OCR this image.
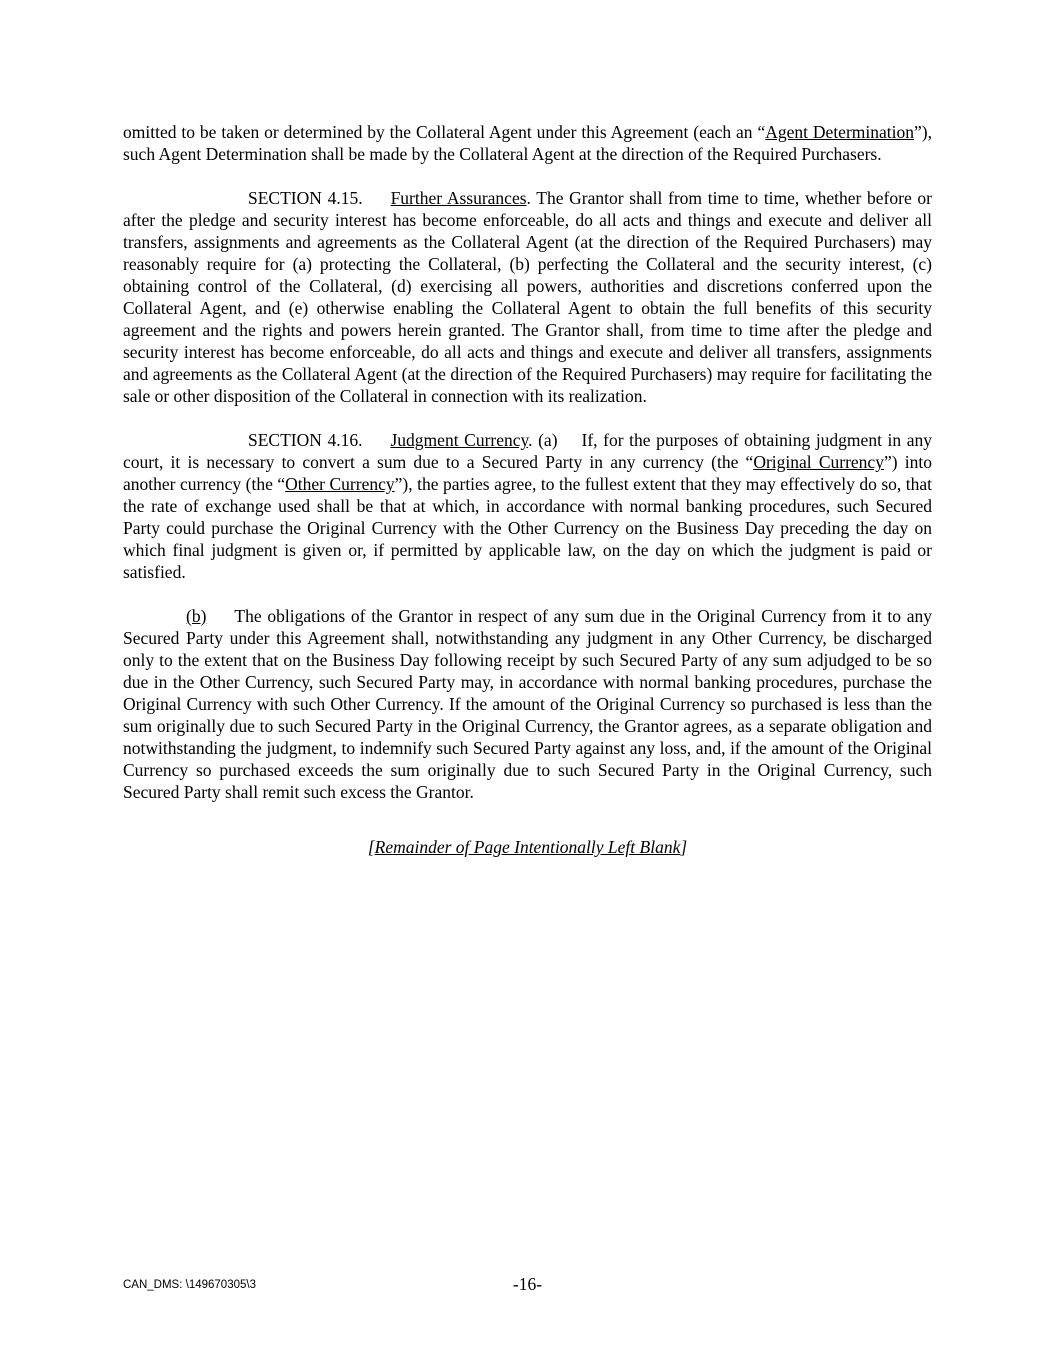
omitted to be taken or determined by the Collateral Agent under this Agreement (each an “Agent Determination”), such Agent Determination shall be made by the Collateral Agent at the direction of the Required Purchasers.

SECTION 4.15. Further Assurances. The Grantor shall from time to time, whether before or after the pledge and security interest has become enforceable, do all acts and things and execute and deliver all transfers, assignments and agreements as the Collateral Agent (at the direction of the Required Purchasers) may reasonably require for (a) protecting the Collateral, (b) perfecting the Collateral and the security interest, (c) obtaining control of the Collateral, (d) exercising all powers, authorities and discretions conferred upon the Collateral Agent, and (e) otherwise enabling the Collateral Agent to obtain the full benefits of this security agreement and the rights and powers herein granted. The Grantor shall, from time to time after the pledge and security interest has become enforceable, do all acts and things and execute and deliver all transfers, assignments and agreements as the Collateral Agent (at the direction of the Required Purchasers) may require for facilitating the sale or other disposition of the Collateral in connection with its realization.

SECTION 4.16. Judgment Currency. (a) If, for the purposes of obtaining judgment in any court, it is necessary to convert a sum due to a Secured Party in any currency (the “Original Currency”) into another currency (the “Other Currency”), the parties agree, to the fullest extent that they may effectively do so, that the rate of exchange used shall be that at which, in accordance with normal banking procedures, such Secured Party could purchase the Original Currency with the Other Currency on the Business Day preceding the day on which final judgment is given or, if permitted by applicable law, on the day on which the judgment is paid or satisfied.

(b) The obligations of the Grantor in respect of any sum due in the Original Currency from it to any Secured Party under this Agreement shall, notwithstanding any judgment in any Other Currency, be discharged only to the extent that on the Business Day following receipt by such Secured Party of any sum adjudged to be so due in the Other Currency, such Secured Party may, in accordance with normal banking procedures, purchase the Original Currency with such Other Currency. If the amount of the Original Currency so purchased is less than the sum originally due to such Secured Party in the Original Currency, the Grantor agrees, as a separate obligation and notwithstanding the judgment, to indemnify such Secured Party against any loss, and, if the amount of the Original Currency so purchased exceeds the sum originally due to such Secured Party in the Original Currency, such Secured Party shall remit such excess the Grantor.

[Remainder of Page Intentionally Left Blank]

CAN_DMS: \149670305\3	-16-
